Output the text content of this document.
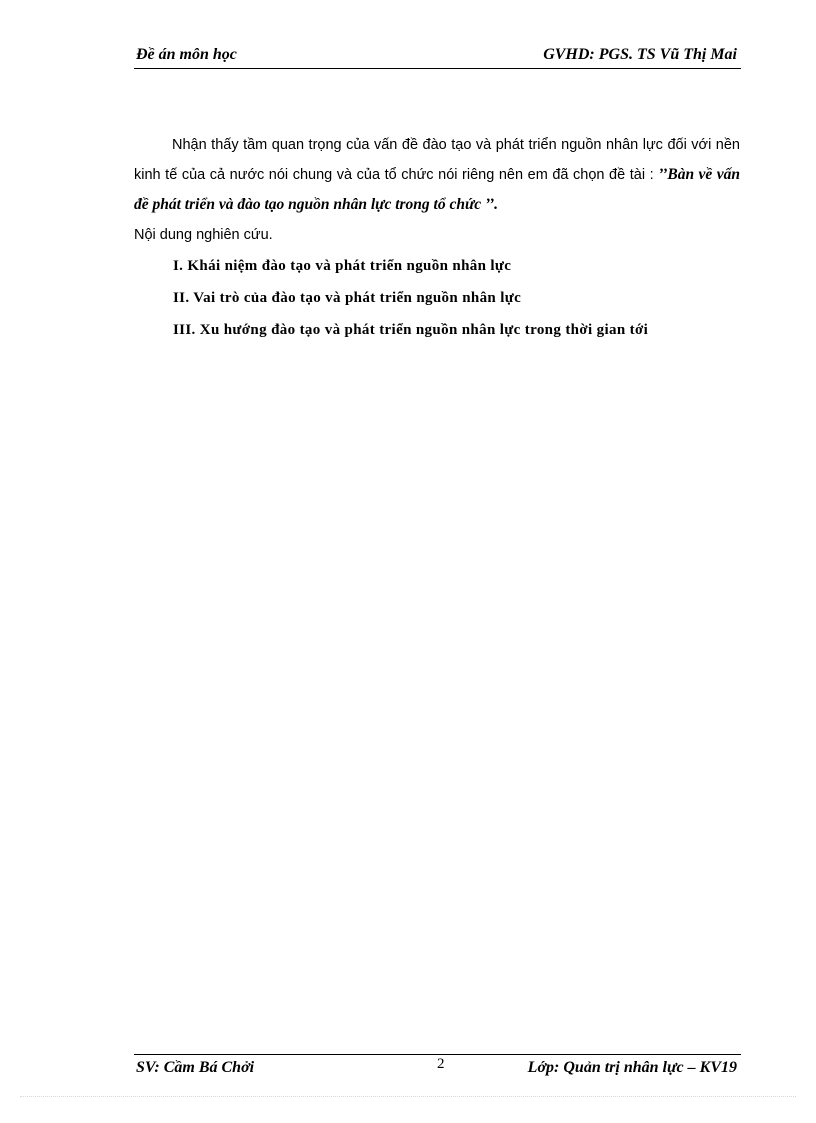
Đề án môn học	GVHD: PGS. TS Vũ Thị Mai

Nhận thấy tầm quan trọng của vấn đề đào tạo và phát triển nguồn nhân lực đối với nền kinh tế của cả nước nói chung và của tổ chức nói riêng nên em đã chọn đề tài : ’’Bàn về vấn đề phát triển và đào tạo nguồn nhân lực trong tổ chức ’’.

Nội dung nghiên cứu.

I. Khái niệm đào tạo và phát triển nguồn nhân lực
II. Vai trò của đào tạo và phát triển nguồn nhân lực
III. Xu hướng đào tạo và phát triển nguồn nhân lực trong thời gian tới
SV: Cầm Bá Chởi	2	Lớp: Quản trị nhân lực – KV19
